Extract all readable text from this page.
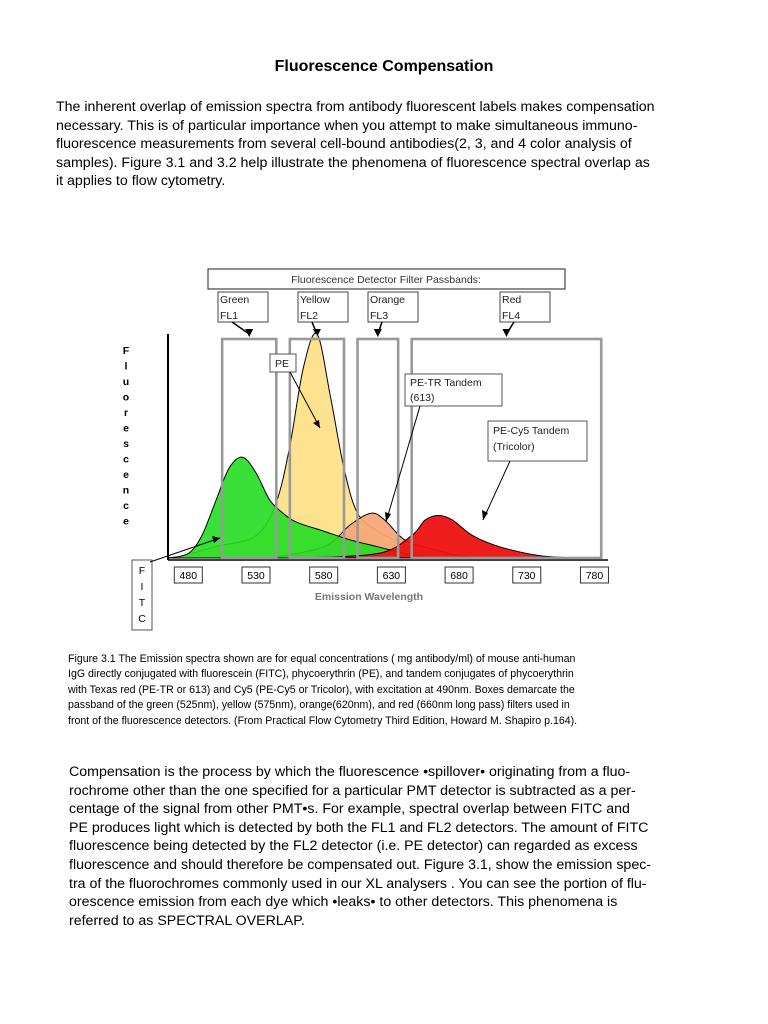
Fluorescence Compensation
The inherent overlap of emission spectra from antibody fluorescent labels makes compensation
necessary. This is of particular importance when you attempt to make simultaneous immuno-
fluorescence measurements from several cell-bound antibodies(2, 3, and 4 color analysis of
samples). Figure 3.1 and 3.2 help illustrate the phenomena of fluorescence spectral overlap as
it applies to flow cytometry.
Fluorescence Detector Filter Passbands:
Green
FL1
Yellow
FL2
Orange
FL3
Red
FL4
F
l
u
o
r
e
s
c
e
n
c
e
480	530	580	630	680	730	780
Emission Wavelength
PE
PE-TR Tandem
(613)
PE-Cy5 Tandem
(Tricolor)
F
I
T
C
Figure 3.1 The Emission spectra shown are for equal concentrations ( mg antibody/ml) of mouse anti-human
IgG directly conjugated with fluorescein (FITC), phycoerythrin (PE), and tandem conjugates of phycoerythrin
with Texas red (PE-TR or 613) and Cy5 (PE-Cy5 or Tricolor), with excitation at 490nm. Boxes demarcate the
passband of the green (525nm), yellow (575nm), orange(620nm), and red (660nm long pass) filters used in
front of the fluorescence detectors. (From Practical Flow Cytometry Third Edition, Howard M. Shapiro p.164).
Compensation is the process by which the fluorescence •spillover• originating from a fluo-
rochrome other than the one specified for a particular PMT detector is subtracted as a per-
centage of the signal from other PMT•s. For example, spectral overlap between FITC and
PE produces light which is detected by both the FL1 and FL2 detectors. The amount of FITC
fluorescence being detected by the FL2 detector (i.e. PE detector) can regarded as excess
fluorescence and should therefore be compensated out. Figure 3.1, show the emission spec-
tra of the fluorochromes commonly used in our XL analysers . You can see the portion of flu-
orescence emission from each dye which •leaks• to other detectors. This phenomena is
referred to as SPECTRAL OVERLAP.
